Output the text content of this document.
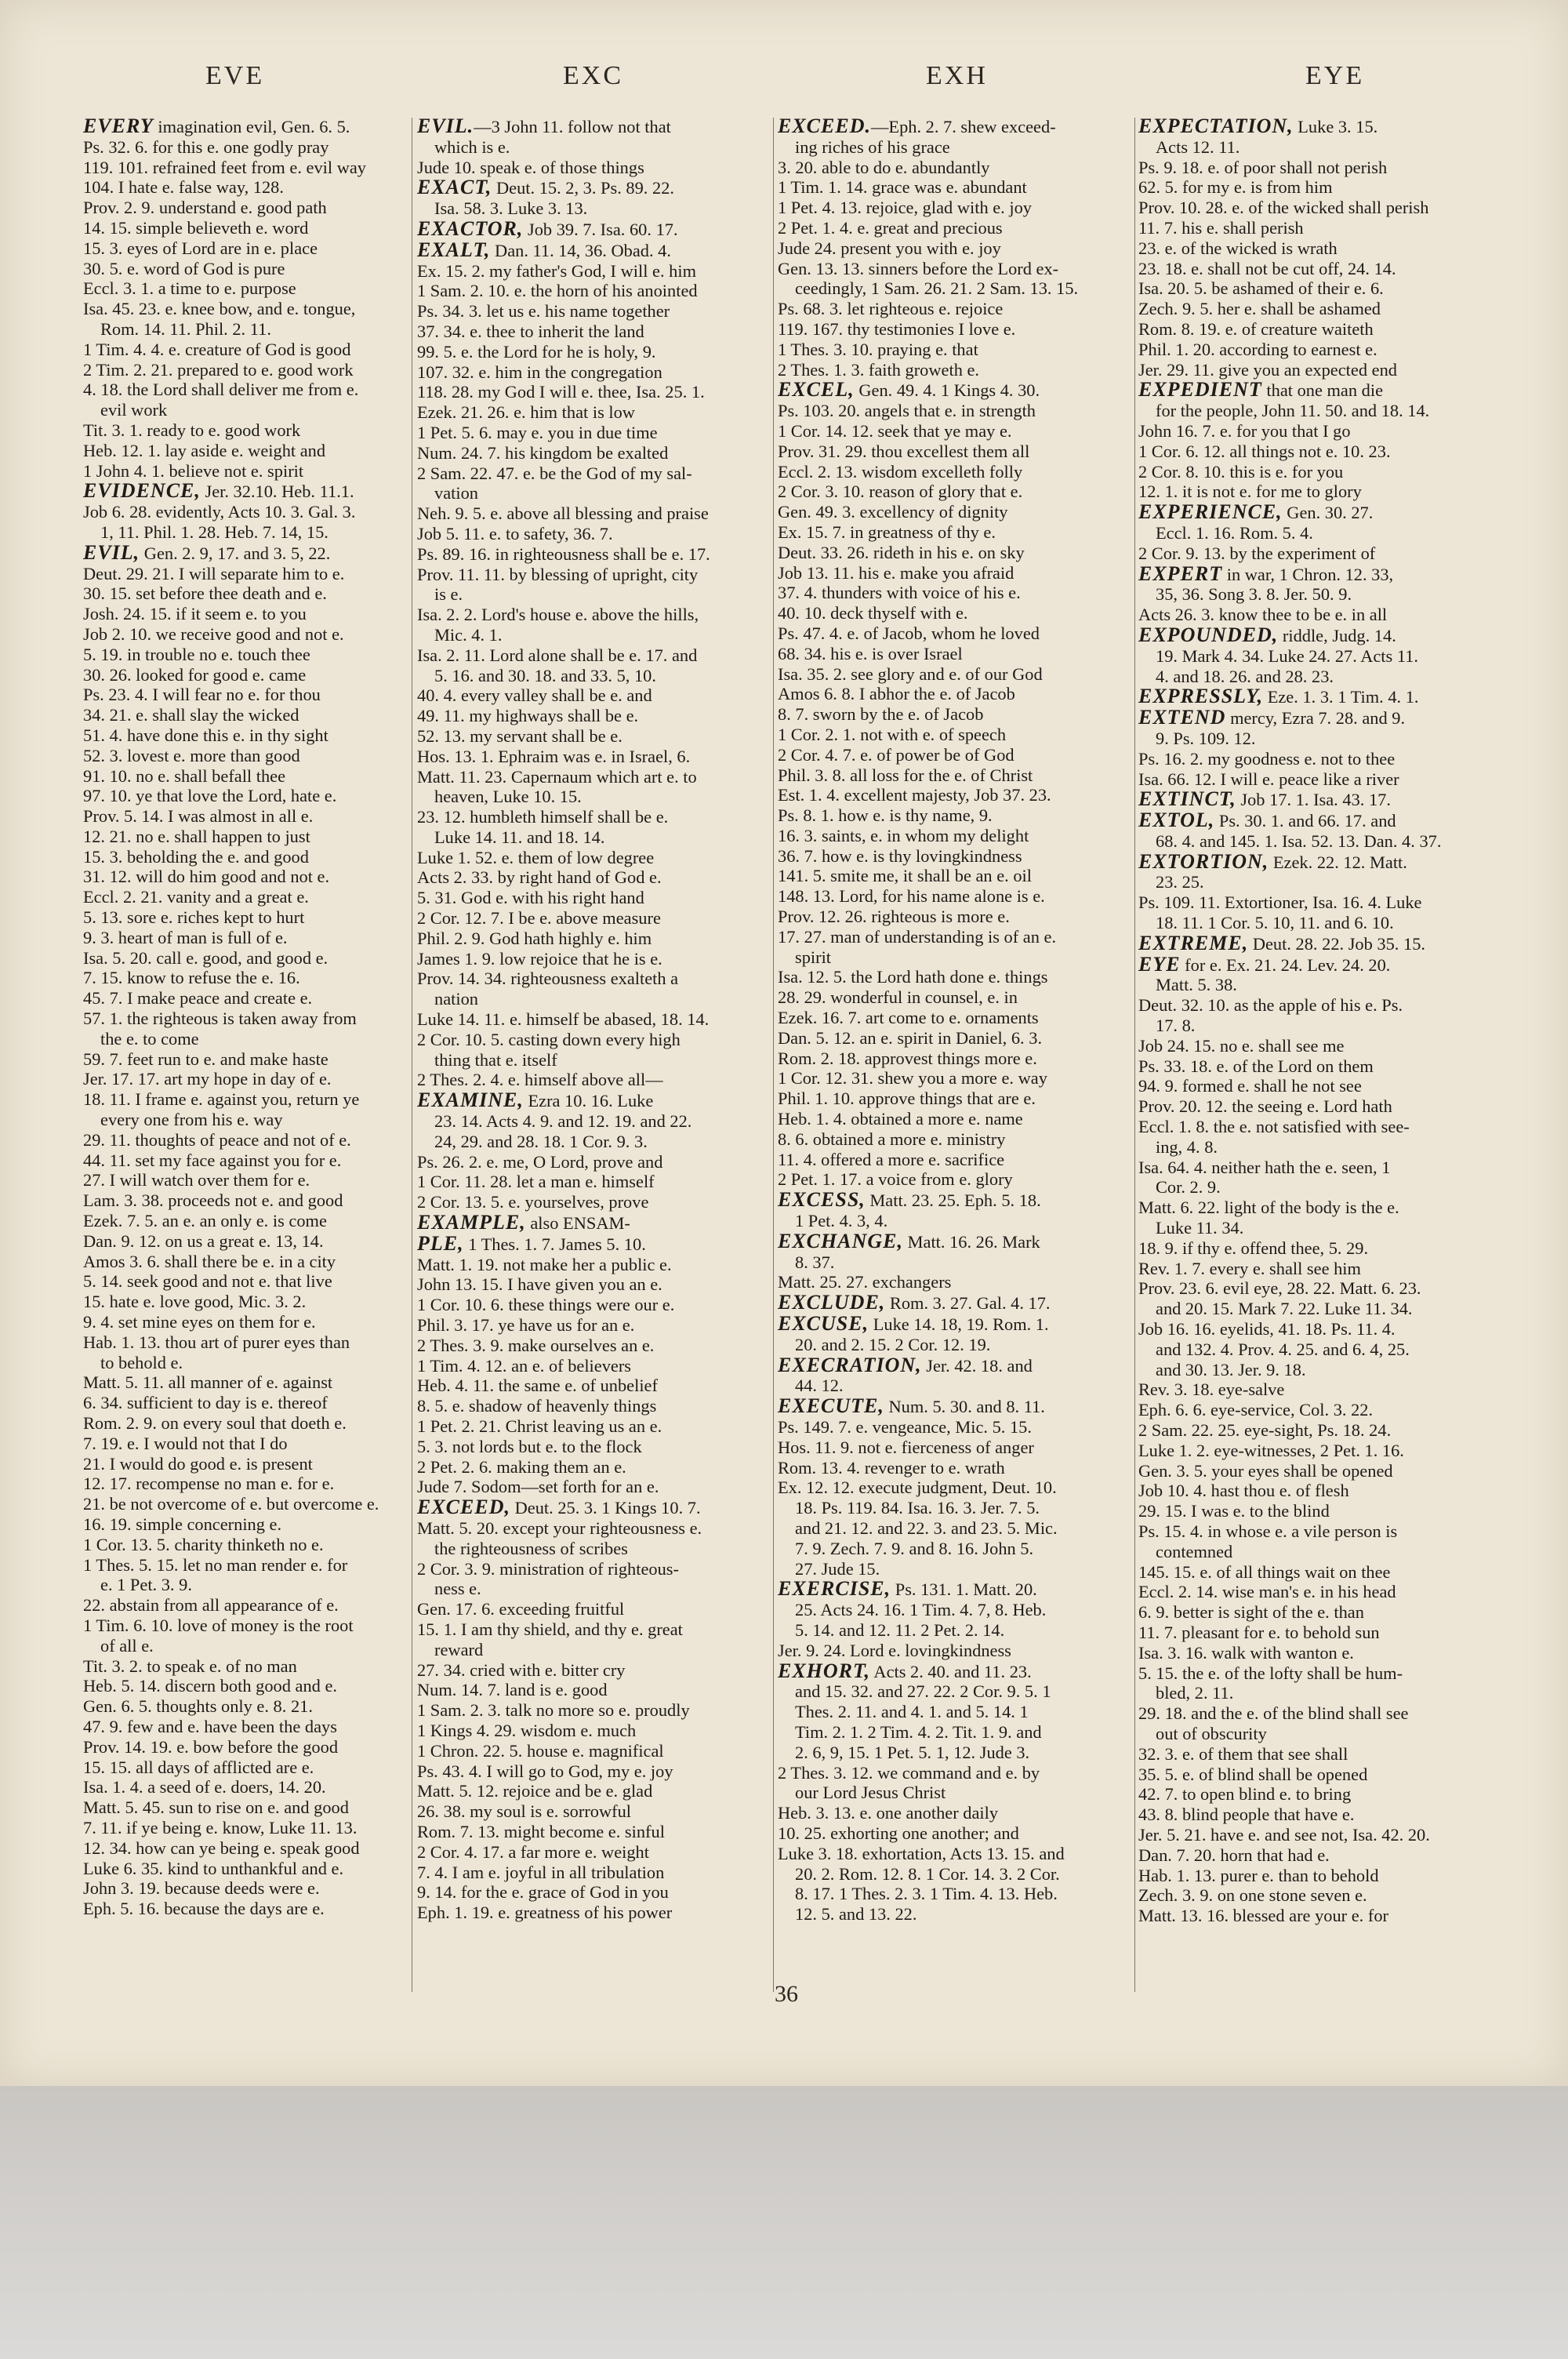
EVE	EXC	EXH	EYE
EVERY imagination evil, Gen. 6. 5.
Ps. 32. 6. for this e. one godly pray
119. 101. refrained feet from e. evil way
104. I hate e. false way, 128.
Prov. 2. 9. understand e. good path
14. 15. simple believeth e. word
15. 3. eyes of Lord are in e. place
30. 5. e. word of God is pure
Eccl. 3. 1. a time to e. purpose
Isa. 45. 23. e. knee bow, and e. tongue,
Rom. 14. 11. Phil. 2. 11.
1 Tim. 4. 4. e. creature of God is good
2 Tim. 2. 21. prepared to e. good work
4. 18. the Lord shall deliver me from e.
evil work
Tit. 3. 1. ready to e. good work
Heb. 12. 1. lay aside e. weight and
1 John 4. 1. believe not e. spirit
EVIDENCE, Jer. 32.10. Heb. 11.1.
Job 6. 28. evidently, Acts 10. 3. Gal. 3.
1, 11. Phil. 1. 28. Heb. 7. 14, 15.
EVIL, Gen. 2. 9, 17. and 3. 5, 22.
Deut. 29. 21. I will separate him to e.
30. 15. set before thee death and e.
Josh. 24. 15. if it seem e. to you
Job 2. 10. we receive good and not e.
5. 19. in trouble no e. touch thee
30. 26. looked for good e. came
Ps. 23. 4. I will fear no e. for thou
34. 21. e. shall slay the wicked
51. 4. have done this e. in thy sight
52. 3. lovest e. more than good
91. 10. no e. shall befall thee
97. 10. ye that love the Lord, hate e.
Prov. 5. 14. I was almost in all e.
12. 21. no e. shall happen to just
15. 3. beholding the e. and good
31. 12. will do him good and not e.
Eccl. 2. 21. vanity and a great e.
5. 13. sore e. riches kept to hurt
9. 3. heart of man is full of e.
Isa. 5. 20. call e. good, and good e.
7. 15. know to refuse the e. 16.
45. 7. I make peace and create e.
57. 1. the righteous is taken away from
the e. to come
59. 7. feet run to e. and make haste
Jer. 17. 17. art my hope in day of e.
18. 11. I frame e. against you, return ye
every one from his e. way
29. 11. thoughts of peace and not of e.
44. 11. set my face against you for e.
27. I will watch over them for e.
Lam. 3. 38. proceeds not e. and good
Ezek. 7. 5. an e. an only e. is come
Dan. 9. 12. on us a great e. 13, 14.
Amos 3. 6. shall there be e. in a city
5. 14. seek good and not e. that live
15. hate e. love good, Mic. 3. 2.
9. 4. set mine eyes on them for e.
Hab. 1. 13. thou art of purer eyes than
to behold e.
Matt. 5. 11. all manner of e. against
6. 34. sufficient to day is e. thereof
Rom. 2. 9. on every soul that doeth e.
7. 19. e. I would not that I do
21. I would do good e. is present
12. 17. recompense no man e. for e.
21. be not overcome of e. but overcome e.
16. 19. simple concerning e.
1 Cor. 13. 5. charity thinketh no e.
1 Thes. 5. 15. let no man render e. for
e. 1 Pet. 3. 9.
22. abstain from all appearance of e.
1 Tim. 6. 10. love of money is the root
of all e.
Tit. 3. 2. to speak e. of no man
Heb. 5. 14. discern both good and e.
Gen. 6. 5. thoughts only e. 8. 21.
47. 9. few and e. have been the days
Prov. 14. 19. e. bow before the good
15. 15. all days of afflicted are e.
Isa. 1. 4. a seed of e. doers, 14. 20.
Matt. 5. 45. sun to rise on e. and good
7. 11. if ye being e. know, Luke 11. 13.
12. 34. how can ye being e. speak good
Luke 6. 35. kind to unthankful and e.
John 3. 19. because deeds were e.
Eph. 5. 16. because the days are e.
EVIL.—3 John 11. follow not that
which is e.
Jude 10. speak e. of those things
EXACT, Deut. 15. 2, 3. Ps. 89. 22.
Isa. 58. 3. Luke 3. 13.
EXACTOR, Job 39. 7. Isa. 60. 17.
EXALT, Dan. 11. 14, 36. Obad. 4.
Ex. 15. 2. my father's God, I will e. him
1 Sam. 2. 10. e. the horn of his anointed
Ps. 34. 3. let us e. his name together
37. 34. e. thee to inherit the land
99. 5. e. the Lord for he is holy, 9.
107. 32. e. him in the congregation
118. 28. my God I will e. thee, Isa. 25. 1.
Ezek. 21. 26. e. him that is low
1 Pet. 5. 6. may e. you in due time
Num. 24. 7. his kingdom be exalted
2 Sam. 22. 47. e. be the God of my sal-
vation
Neh. 9. 5. e. above all blessing and praise
Job 5. 11. e. to safety, 36. 7.
Ps. 89. 16. in righteousness shall be e. 17.
Prov. 11. 11. by blessing of upright, city
is e.
Isa. 2. 2. Lord's house e. above the hills,
Mic. 4. 1.
Isa. 2. 11. Lord alone shall be e. 17. and
5. 16. and 30. 18. and 33. 5, 10.
40. 4. every valley shall be e. and
49. 11. my highways shall be e.
52. 13. my servant shall be e.
Hos. 13. 1. Ephraim was e. in Israel, 6.
Matt. 11. 23. Capernaum which art e. to
heaven, Luke 10. 15.
23. 12. humbleth himself shall be e.
Luke 14. 11. and 18. 14.
Luke 1. 52. e. them of low degree
Acts 2. 33. by right hand of God e.
5. 31. God e. with his right hand
2 Cor. 12. 7. I be e. above measure
Phil. 2. 9. God hath highly e. him
James 1. 9. low rejoice that he is e.
Prov. 14. 34. righteousness exalteth a
nation
Luke 14. 11. e. himself be abased, 18. 14.
2 Cor. 10. 5. casting down every high
thing that e. itself
2 Thes. 2. 4. e. himself above all—
EXAMINE, Ezra 10. 16. Luke
23. 14. Acts 4. 9. and 12. 19. and 22.
24, 29. and 28. 18. 1 Cor. 9. 3.
Ps. 26. 2. e. me, O Lord, prove and
1 Cor. 11. 28. let a man e. himself
2 Cor. 13. 5. e. yourselves, prove
EXAMPLE, also ENSAM-
PLE, 1 Thes. 1. 7. James 5. 10.
Matt. 1. 19. not make her a public e.
John 13. 15. I have given you an e.
1 Cor. 10. 6. these things were our e.
Phil. 3. 17. ye have us for an e.
2 Thes. 3. 9. make ourselves an e.
1 Tim. 4. 12. an e. of believers
Heb. 4. 11. the same e. of unbelief
8. 5. e. shadow of heavenly things
1 Pet. 2. 21. Christ leaving us an e.
5. 3. not lords but e. to the flock
2 Pet. 2. 6. making them an e.
Jude 7. Sodom—set forth for an e.
EXCEED, Deut. 25. 3. 1 Kings 10. 7.
Matt. 5. 20. except your righteousness e.
the righteousness of scribes
2 Cor. 3. 9. ministration of righteous-
ness e.
Gen. 17. 6. exceeding fruitful
15. 1. I am thy shield, and thy e. great
reward
27. 34. cried with e. bitter cry
Num. 14. 7. land is e. good
1 Sam. 2. 3. talk no more so e. proudly
1 Kings 4. 29. wisdom e. much
1 Chron. 22. 5. house e. magnifical
Ps. 43. 4. I will go to God, my e. joy
Matt. 5. 12. rejoice and be e. glad
26. 38. my soul is e. sorrowful
Rom. 7. 13. might become e. sinful
2 Cor. 4. 17. a far more e. weight
7. 4. I am e. joyful in all tribulation
9. 14. for the e. grace of God in you
Eph. 1. 19. e. greatness of his power
EXCEED.—Eph. 2. 7. shew exceed-
ing riches of his grace
3. 20. able to do e. abundantly
1 Tim. 1. 14. grace was e. abundant
1 Pet. 4. 13. rejoice, glad with e. joy
2 Pet. 1. 4. e. great and precious
Jude 24. present you with e. joy
Gen. 13. 13. sinners before the Lord ex-
ceedingly, 1 Sam. 26. 21. 2 Sam. 13. 15.
Ps. 68. 3. let righteous e. rejoice
119. 167. thy testimonies I love e.
1 Thes. 3. 10. praying e. that
2 Thes. 1. 3. faith groweth e.
EXCEL, Gen. 49. 4. 1 Kings 4. 30.
Ps. 103. 20. angels that e. in strength
1 Cor. 14. 12. seek that ye may e.
Prov. 31. 29. thou excellest them all
Eccl. 2. 13. wisdom excelleth folly
2 Cor. 3. 10. reason of glory that e.
Gen. 49. 3. excellency of dignity
Ex. 15. 7. in greatness of thy e.
Deut. 33. 26. rideth in his e. on sky
Job 13. 11. his e. make you afraid
37. 4. thunders with voice of his e.
40. 10. deck thyself with e.
Ps. 47. 4. e. of Jacob, whom he loved
68. 34. his e. is over Israel
Isa. 35. 2. see glory and e. of our God
Amos 6. 8. I abhor the e. of Jacob
8. 7. sworn by the e. of Jacob
1 Cor. 2. 1. not with e. of speech
2 Cor. 4. 7. e. of power be of God
Phil. 3. 8. all loss for the e. of Christ
Est. 1. 4. excellent majesty, Job 37. 23.
Ps. 8. 1. how e. is thy name, 9.
16. 3. saints, e. in whom my delight
36. 7. how e. is thy lovingkindness
141. 5. smite me, it shall be an e. oil
148. 13. Lord, for his name alone is e.
Prov. 12. 26. righteous is more e.
17. 27. man of understanding is of an e.
spirit
Isa. 12. 5. the Lord hath done e. things
28. 29. wonderful in counsel, e. in
Ezek. 16. 7. art come to e. ornaments
Dan. 5. 12. an e. spirit in Daniel, 6. 3.
Rom. 2. 18. approvest things more e.
1 Cor. 12. 31. shew you a more e. way
Phil. 1. 10. approve things that are e.
Heb. 1. 4. obtained a more e. name
8. 6. obtained a more e. ministry
11. 4. offered a more e. sacrifice
2 Pet. 1. 17. a voice from e. glory
EXCESS, Matt. 23. 25. Eph. 5. 18.
1 Pet. 4. 3, 4.
EXCHANGE, Matt. 16. 26. Mark
8. 37.
Matt. 25. 27. exchangers
EXCLUDE, Rom. 3. 27. Gal. 4. 17.
EXCUSE, Luke 14. 18, 19. Rom. 1.
20. and 2. 15. 2 Cor. 12. 19.
EXECRATION, Jer. 42. 18. and
44. 12.
EXECUTE, Num. 5. 30. and 8. 11.
Ps. 149. 7. e. vengeance, Mic. 5. 15.
Hos. 11. 9. not e. fierceness of anger
Rom. 13. 4. revenger to e. wrath
Ex. 12. 12. execute judgment, Deut. 10.
18. Ps. 119. 84. Isa. 16. 3. Jer. 7. 5.
and 21. 12. and 22. 3. and 23. 5. Mic.
7. 9. Zech. 7. 9. and 8. 16. John 5.
27. Jude 15.
EXERCISE, Ps. 131. 1. Matt. 20.
25. Acts 24. 16. 1 Tim. 4. 7, 8. Heb.
5. 14. and 12. 11. 2 Pet. 2. 14.
Jer. 9. 24. Lord e. lovingkindness
EXHORT, Acts 2. 40. and 11. 23.
and 15. 32. and 27. 22. 2 Cor. 9. 5. 1
Thes. 2. 11. and 4. 1. and 5. 14. 1
Tim. 2. 1. 2 Tim. 4. 2. Tit. 1. 9. and
2. 6, 9, 15. 1 Pet. 5. 1, 12. Jude 3.
2 Thes. 3. 12. we command and e. by
our Lord Jesus Christ
Heb. 3. 13. e. one another daily
10. 25. exhorting one another; and
Luke 3. 18. exhortation, Acts 13. 15. and
20. 2. Rom. 12. 8. 1 Cor. 14. 3. 2 Cor.
8. 17. 1 Thes. 2. 3. 1 Tim. 4. 13. Heb.
12. 5. and 13. 22.
EXPECTATION, Luke 3. 15.
Acts 12. 11.
Ps. 9. 18. e. of poor shall not perish
62. 5. for my e. is from him
Prov. 10. 28. e. of the wicked shall perish
11. 7. his e. shall perish
23. e. of the wicked is wrath
23. 18. e. shall not be cut off, 24. 14.
Isa. 20. 5. be ashamed of their e. 6.
Zech. 9. 5. her e. shall be ashamed
Rom. 8. 19. e. of creature waiteth
Phil. 1. 20. according to earnest e.
Jer. 29. 11. give you an expected end
EXPEDIENT that one man die
for the people, John 11. 50. and 18. 14.
John 16. 7. e. for you that I go
1 Cor. 6. 12. all things not e. 10. 23.
2 Cor. 8. 10. this is e. for you
12. 1. it is not e. for me to glory
EXPERIENCE, Gen. 30. 27.
Eccl. 1. 16. Rom. 5. 4.
2 Cor. 9. 13. by the experiment of
EXPERT in war, 1 Chron. 12. 33,
35, 36. Song 3. 8. Jer. 50. 9.
Acts 26. 3. know thee to be e. in all
EXPOUNDED, riddle, Judg. 14.
19. Mark 4. 34. Luke 24. 27. Acts 11.
4. and 18. 26. and 28. 23.
EXPRESSLY, Eze. 1. 3. 1 Tim. 4. 1.
EXTEND mercy, Ezra 7. 28. and 9.
9. Ps. 109. 12.
Ps. 16. 2. my goodness e. not to thee
Isa. 66. 12. I will e. peace like a river
EXTINCT, Job 17. 1. Isa. 43. 17.
EXTOL, Ps. 30. 1. and 66. 17. and
68. 4. and 145. 1. Isa. 52. 13. Dan. 4. 37.
EXTORTION, Ezek. 22. 12. Matt.
23. 25.
Ps. 109. 11. Extortioner, Isa. 16. 4. Luke
18. 11. 1 Cor. 5. 10, 11. and 6. 10.
EXTREME, Deut. 28. 22. Job 35. 15.
EYE for e. Ex. 21. 24. Lev. 24. 20.
Matt. 5. 38.
Deut. 32. 10. as the apple of his e. Ps.
17. 8.
Job 24. 15. no e. shall see me
Ps. 33. 18. e. of the Lord on them
94. 9. formed e. shall he not see
Prov. 20. 12. the seeing e. Lord hath
Eccl. 1. 8. the e. not satisfied with see-
ing, 4. 8.
Isa. 64. 4. neither hath the e. seen, 1
Cor. 2. 9.
Matt. 6. 22. light of the body is the e.
Luke 11. 34.
18. 9. if thy e. offend thee, 5. 29.
Rev. 1. 7. every e. shall see him
Prov. 23. 6. evil eye, 28. 22. Matt. 6. 23.
and 20. 15. Mark 7. 22. Luke 11. 34.
Job 16. 16. eyelids, 41. 18. Ps. 11. 4.
and 132. 4. Prov. 4. 25. and 6. 4, 25.
and 30. 13. Jer. 9. 18.
Rev. 3. 18. eye-salve
Eph. 6. 6. eye-service, Col. 3. 22.
2 Sam. 22. 25. eye-sight, Ps. 18. 24.
Luke 1. 2. eye-witnesses, 2 Pet. 1. 16.
Gen. 3. 5. your eyes shall be opened
Job 10. 4. hast thou e. of flesh
29. 15. I was e. to the blind
Ps. 15. 4. in whose e. a vile person is
contemned
145. 15. e. of all things wait on thee
Eccl. 2. 14. wise man's e. in his head
6. 9. better is sight of the e. than
11. 7. pleasant for e. to behold sun
Isa. 3. 16. walk with wanton e.
5. 15. the e. of the lofty shall be hum-
bled, 2. 11.
29. 18. and the e. of the blind shall see
out of obscurity
32. 3. e. of them that see shall
35. 5. e. of blind shall be opened
42. 7. to open blind e. to bring
43. 8. blind people that have e.
Jer. 5. 21. have e. and see not, Isa. 42. 20.
Dan. 7. 20. horn that had e.
Hab. 1. 13. purer e. than to behold
Zech. 3. 9. on one stone seven e.
Matt. 13. 16. blessed are your e. for
36
